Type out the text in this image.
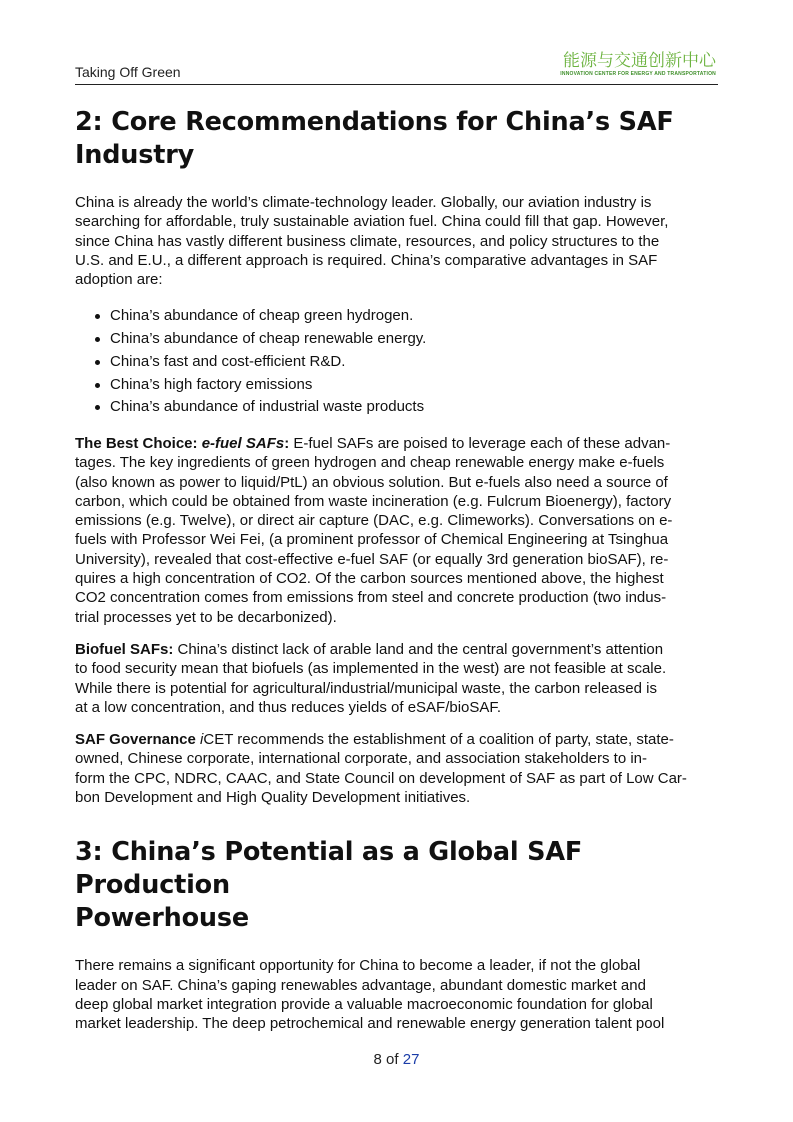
Taking Off Green
能源与交通创新中心
INNOVATION CENTER FOR ENERGY AND TRANSPORTATION
2: Core Recommendations for China’s SAF
Industry

China is already the world’s climate-technology leader. Globally, our aviation industry is
searching for affordable, truly sustainable aviation fuel. China could fill that gap. However,
since China has vastly different business climate, resources, and policy structures to the
U.S. and E.U., a different approach is required. China’s comparative advantages in SAF
adoption are:

China’s abundance of cheap green hydrogen.
China’s abundance of cheap renewable energy.
China’s fast and cost-efficient R&D.
China’s high factory emissions
China’s abundance of industrial waste products

The Best Choice: e-fuel SAFs: E-fuel SAFs are poised to leverage each of these advan-
tages. The key ingredients of green hydrogen and cheap renewable energy make e-fuels
(also known as power to liquid/PtL) an obvious solution. But e-fuels also need a source of
carbon, which could be obtained from waste incineration (e.g. Fulcrum Bioenergy), factory
emissions (e.g. Twelve), or direct air capture (DAC, e.g. Climeworks). Conversations on e-
fuels with Professor Wei Fei, (a prominent professor of Chemical Engineering at Tsinghua
University), revealed that cost-effective e-fuel SAF (or equally 3rd generation bioSAF), re-
quires a high concentration of CO2. Of the carbon sources mentioned above, the highest
CO2 concentration comes from emissions from steel and concrete production (two indus-
trial processes yet to be decarbonized).

Biofuel SAFs: China’s distinct lack of arable land and the central government’s attention
to food security mean that biofuels (as implemented in the west) are not feasible at scale.
While there is potential for agricultural/industrial/municipal waste, the carbon released is
at a low concentration, and thus reduces yields of eSAF/bioSAF.

SAF Governance iCET recommends the establishment of a coalition of party, state, state-
owned, Chinese corporate, international corporate, and association stakeholders to in-
form the CPC, NDRC, CAAC, and State Council on development of SAF as part of Low Car-
bon Development and High Quality Development initiatives.

3: China’s Potential as a Global SAF Production
Powerhouse

There remains a significant opportunity for China to become a leader, if not the global
leader on SAF. China’s gaping renewables advantage, abundant domestic market and
deep global market integration provide a valuable macroeconomic foundation for global
market leadership. The deep petrochemical and renewable energy generation talent pool

8 of 27
